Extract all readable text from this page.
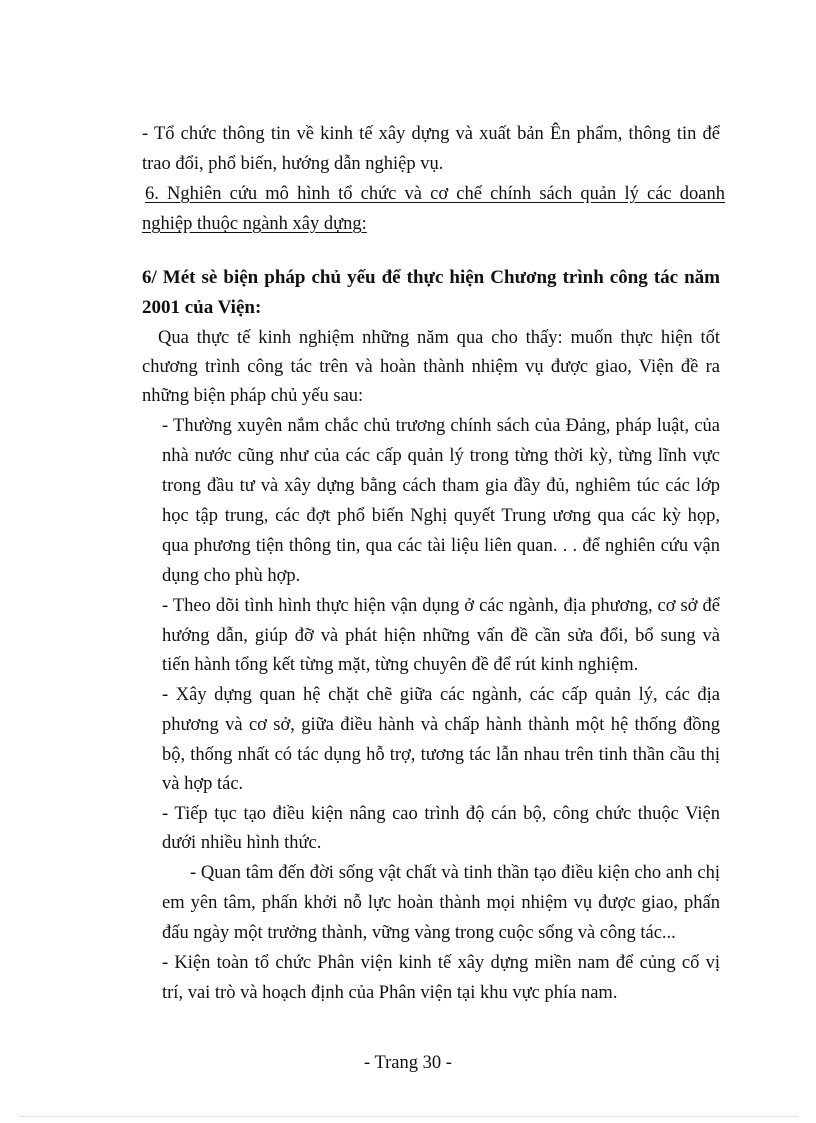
- Tổ chức thông tin về kinh tế xây dựng và xuất bản Ên phẩm, thông tin để
trao đổi, phổ biến, hướng dẫn nghiệp vụ.
6. Nghiên cứu mô hình tổ chức và cơ chế chính sách quản lý các doanh
nghiệp thuộc ngành xây dựng:
6/ Mét sè biện pháp chủ yếu để thực hiện Chương trình công tác năm
2001 của Viện:
Qua thực tế kinh nghiệm những năm qua cho thấy: muốn thực hiện tốt
chương trình công tác trên và hoàn thành nhiệm vụ được giao, Viện đề ra
những biện pháp chủ yếu sau:
- Thường xuyên nắm chắc chủ trương chính sách của Đảng, pháp luật, của
nhà nước cũng như của các cấp quản lý trong từng thời kỳ, từng lĩnh vực
trong đầu tư và xây dựng bằng cách tham gia đầy đủ, nghiêm túc các lớp
học tập trung, các đợt phổ biến Nghị quyết Trung ương qua các kỳ họp,
qua phương tiện thông tin, qua các tài liệu liên quan. . . để nghiên cứu vận
dụng cho phù hợp.
- Theo dõi tình hình thực hiện vận dụng ở các ngành, địa phương, cơ sở để
hướng dẫn, giúp đỡ và phát hiện những vấn đề cần sửa đổi, bổ sung và
tiến hành tổng kết từng mặt, từng chuyên đề để rút kinh nghiệm.
- Xây dựng quan hệ chặt chẽ giữa các ngành, các cấp quản lý, các địa
phương và cơ sở, giữa điều hành và chấp hành thành một hệ thống đồng
bộ, thống nhất có tác dụng hỗ trợ, tương tác lẫn nhau trên tinh thần cầu thị
và hợp tác.
- Tiếp tục tạo điều kiện nâng cao trình độ cán bộ, công chức thuộc Viện
dưới nhiều hình thức.
- Quan tâm đến đời sống vật chất và tinh thần tạo điều kiện cho anh chị
em yên tâm, phấn khởi nỗ lực hoàn thành mọi nhiệm vụ được giao, phấn
đấu ngày một trưởng thành, vững vàng trong cuộc sống và công tác...
- Kiện toàn tổ chức Phân viện kinh tế xây dựng miền nam để củng cố vị
trí, vai trò và hoạch định của Phân viện tại khu vực phía nam.
- Trang 30 -
